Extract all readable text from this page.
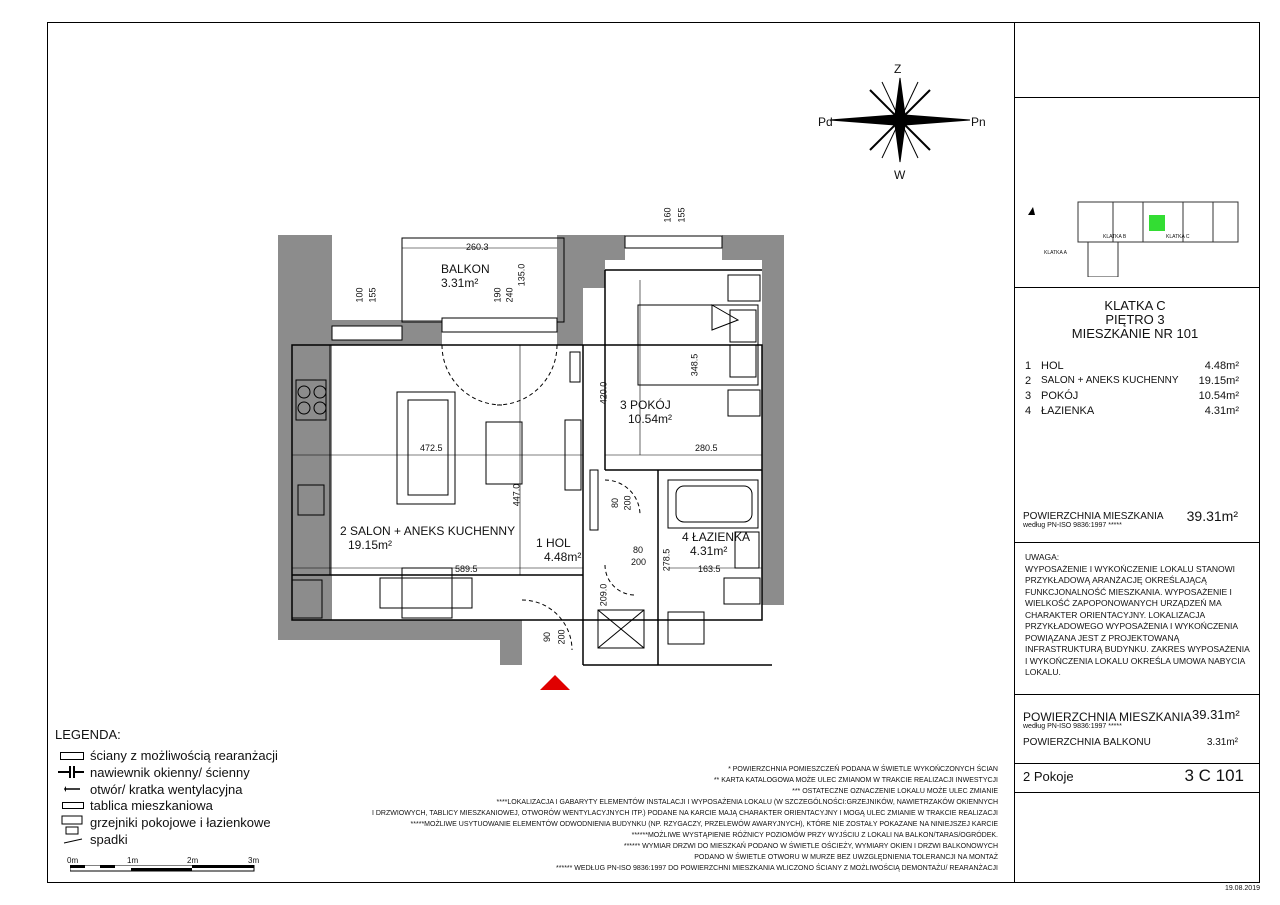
Z
W
Pn
Pd
BALKON
3.31m²
3 POKÓJ
10.54m²
2 SALON + ANEKS KUCHENNY
19.15m²	1 HOL
4.48m²
4 ŁAZIENKA
4.31m²
260.3
100 155	190 240
135.0
160 155
472.5
447.0
420.0
348.5
280.5
80 200
80
200 278.5	163.5
589.5
209.0
90 200
KLATKA A
KLATKA B	KLATKA C
KLATKA C
PIĘTRO 3
MIESZKANIE NR 101
1 HOL	4.48m²
2 SALON + ANEKS KUCHENNY 19.15m²
3 POKÓJ	10.54m²
4 ŁAZIENKA	4.31m²
POWIERZCHNIA MIESZKANIA
według PN-ISO 9836:1997 *****
39.31m²

UWAGA:

WYPOSAŻENIE I WYKOŃCZENIE LOKALU STANOWI

PRZYKŁADOWĄ ARANŻACJĘ OKREŚLAJĄCĄ

FUNKCJONALNOŚĆ MIESZKANIA. WYPOSAŻENIE I

WIELKOŚĆ ZAPOPONOWANYCH URZĄDZEŃ MA

CHARAKTER ORIENTACYJNY. LOKALIZACJA

PRZYKŁADOWEGO WYPOSAŻENIA I WYKOŃCZENIA

POWIĄZANA JEST Z PROJEKTOWANĄ

INFRASTRUKTURĄ BUDYNKU. ZAKRES WYPOSAŻENIA

I WYKOŃCZENIA LOKALU OKREŚLA UMOWA NABYCIA

LOKALU.

POWIERZCHNIA MIESZKANIA
według PN-ISO 9836:1997 *****
39.31m²
POWIERZCHNIA BALKONU	3.31m²
2 Pokoje	3 C 101
LEGENDA:
ściany z możliwością rearanżacji
nawiewnik okienny/ ścienny
otwór/ kratka wentylacyjna
tablica mieszkaniowa
grzejniki pokojowe i łazienkowe
spadki
0m	1m	2m	3m
* POWIERZCHNIA POMIESZCZEŃ PODANA W ŚWIETLE WYKOŃCZONYCH ŚCIAN
** KARTA KATALOGOWA MOŻE ULEC ZMIANOM W TRAKCIE REALIZACJI INWESTYCJI
*** OSTATECZNE OZNACZENIE LOKALU MOŻE ULEC ZMIANIE
****LOKALIZACJA I GABARYTY ELEMENTÓW INSTALACJI I WYPOSAŻENIA LOKALU (W SZCZEGÓLNOŚCI:GRZEJNIKÓW, NAWIETRZAKÓW OKIENNYCH
I DRZWIOWYCH, TABLICY MIESZKANIOWEJ, OTWORÓW WENTYLACYJNYCH ITP.) PODANE NA KARCIE MAJĄ CHARAKTER ORIENTACYJNY I MOGĄ ULEC ZMIANIE W TRAKCIE REALIZACJI
*****MOŻLIWE USYTUOWANIE ELEMENTÓW ODWODNIENIA BUDYNKU (NP. RZYGACZY, PRZELEWÓW AWARYJNYCH), KTÓRE NIE ZOSTAŁY POKAZANE NA NINIEJSZEJ KARCIE
******MOŻLIWE WYSTĄPIENIE RÓŻNICY POZIOMÓW PRZY WYJŚCIU Z LOKALI NA BALKON/TARAS/OGRÓDEK.
****** WYMIAR DRZWI DO MIESZKAŃ PODANO W ŚWIETLE OŚCIEŻY, WYMIARY OKIEN I DRZWI BALKONOWYCH
PODANO W ŚWIETLE OTWORU W MURZE BEZ UWZGLĘDNIENIA TOLERANCJI NA MONTAŻ
****** WEDŁUG PN-ISO 9836:1997 DO POWIERZCHNI MIESZKANIA WLICZONO ŚCIANY Z MOŻLIWOŚCIĄ DEMONTAŻU/ REARANŻACJI
19.08.2019
